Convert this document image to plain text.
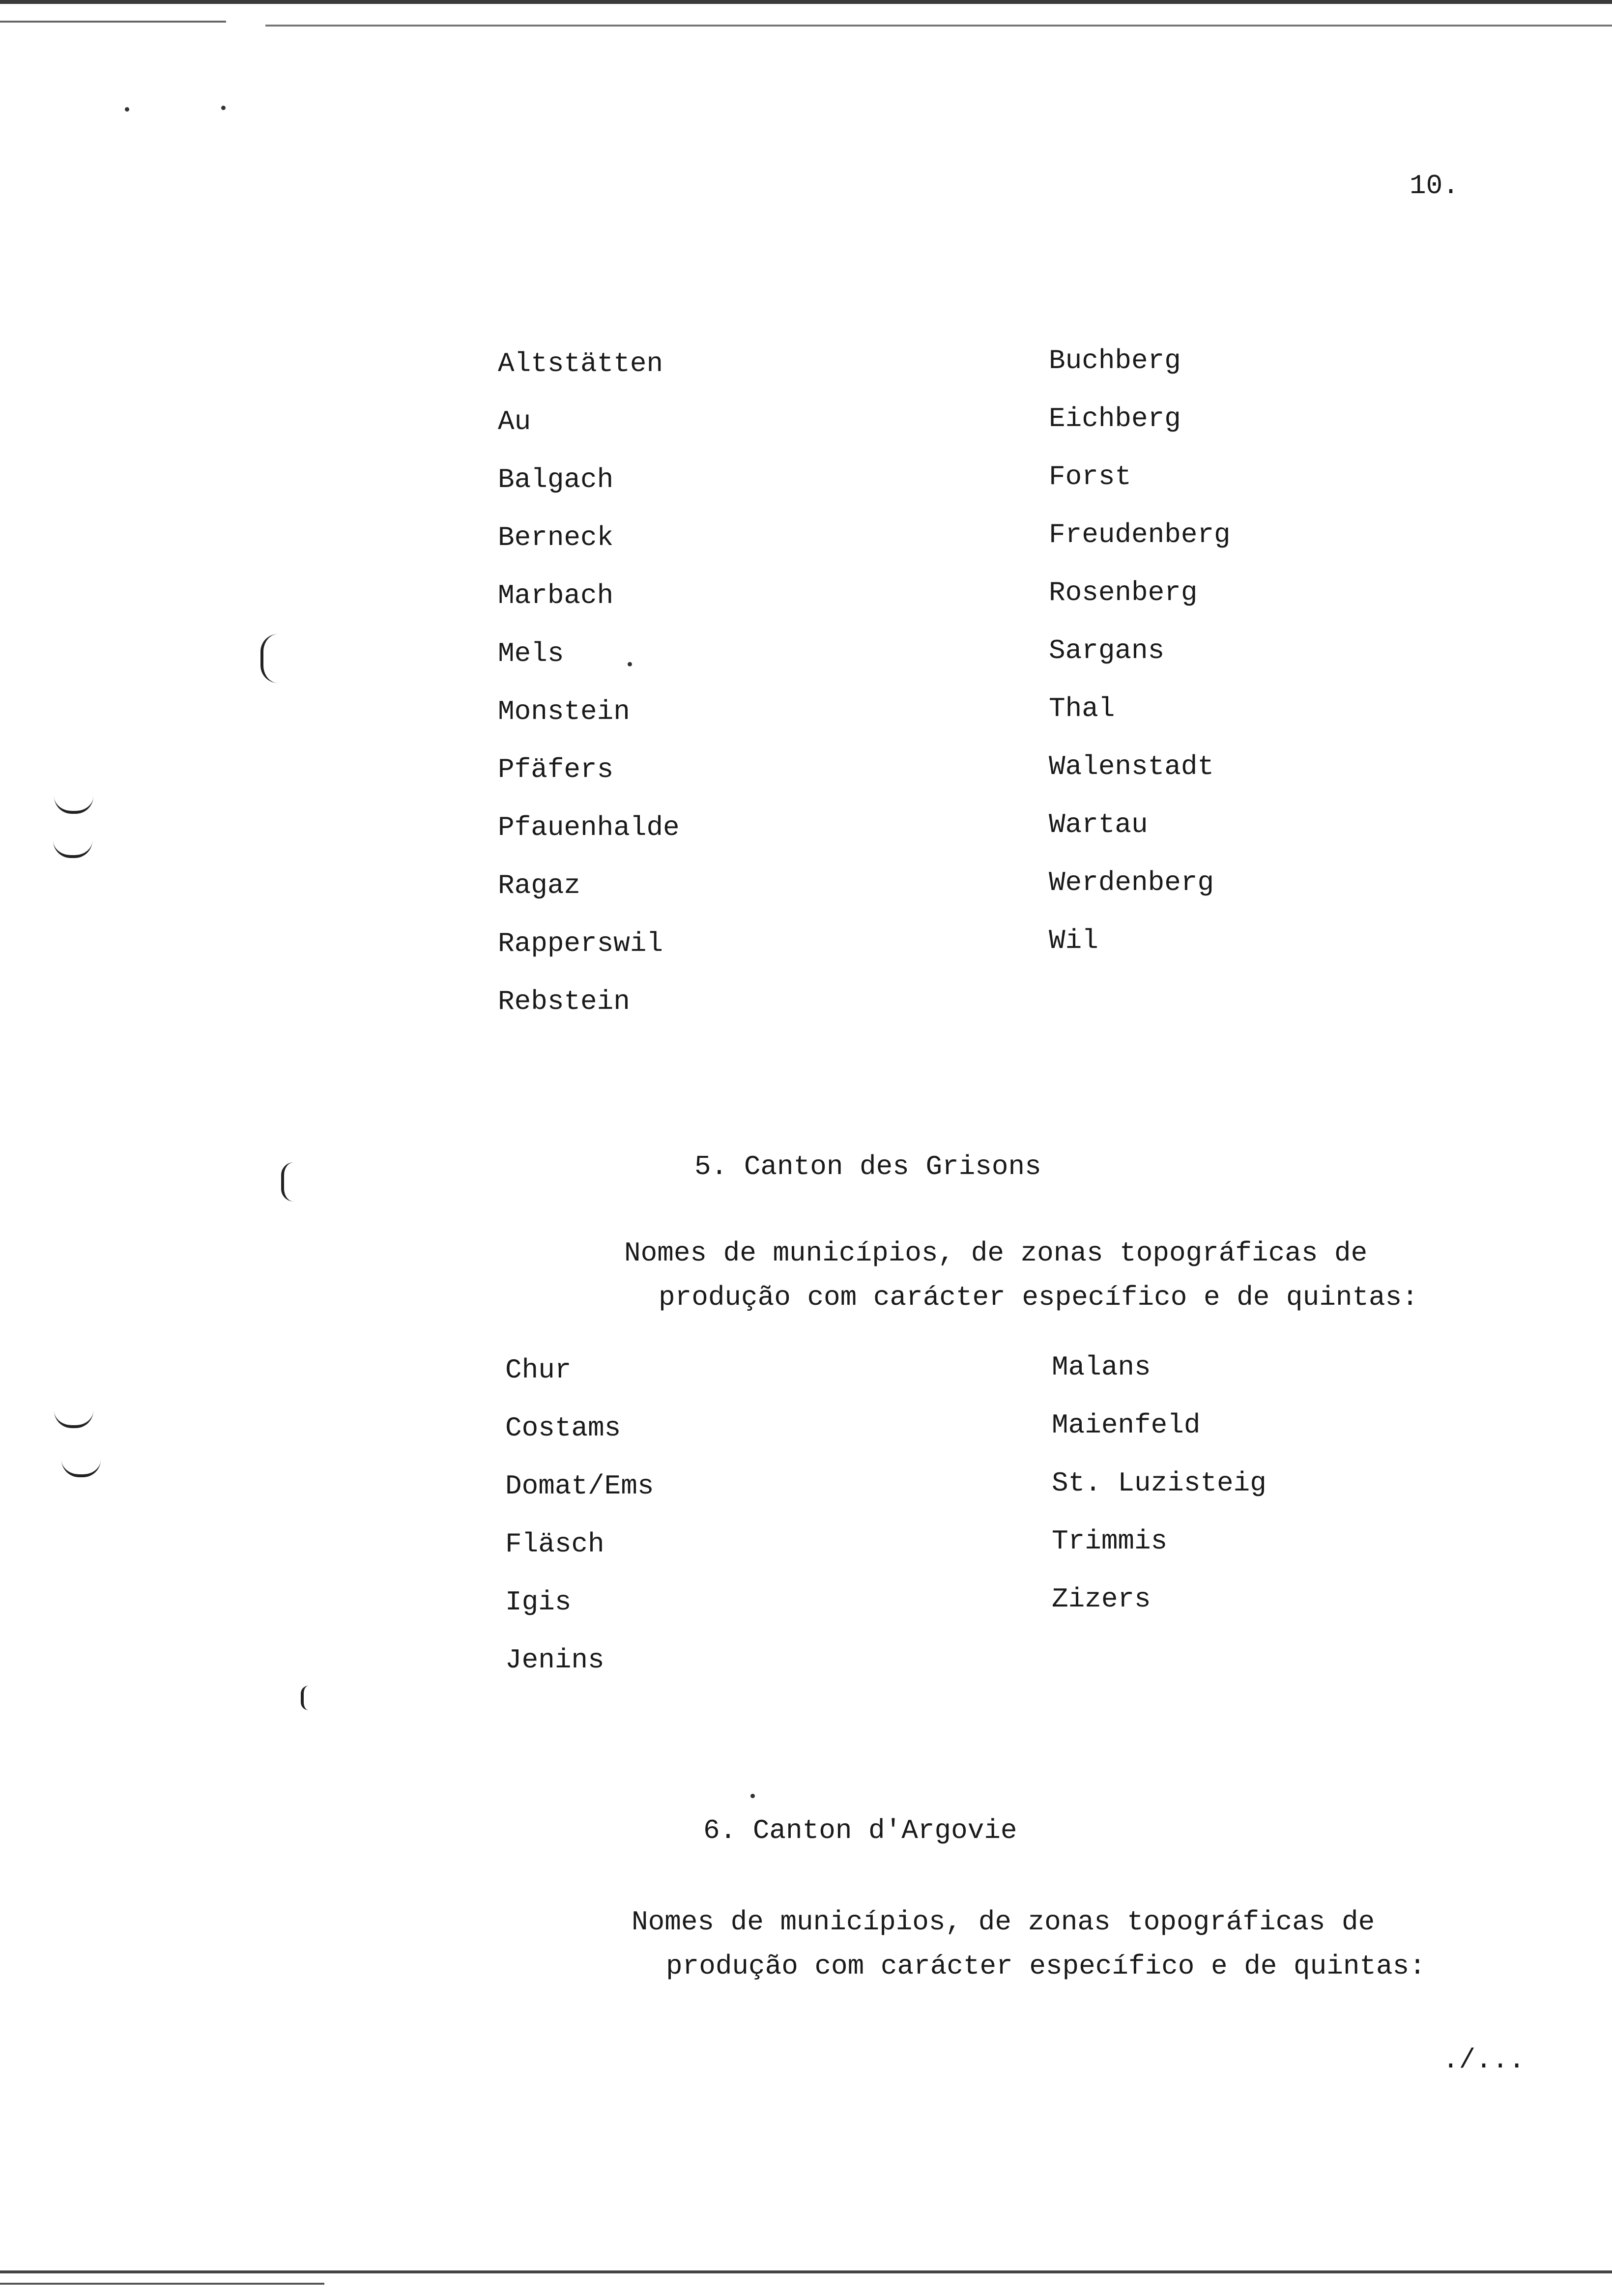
10.
Altstätten
Au
Balgach
Berneck
Marbach
Mels
Monstein
Pfäfers
Pfauenhalde
Ragaz
Rapperswil
Rebstein
Buchberg
Eichberg
Forst
Freudenberg
Rosenberg
Sargans
Thal
Walenstadt
Wartau
Werdenberg
Wil
5. Canton des Grisons
Nomes de municípios, de zonas topográficas de
produção com carácter específico e de quintas:
Chur
Costams
Domat/Ems
Fläsch
Igis
Jenins
Malans
Maienfeld
St. Luzisteig
Trimmis
Zizers
6. Canton d'Argovie
Nomes de municípios, de zonas topográficas de
produção com carácter específico e de quintas:
./...
